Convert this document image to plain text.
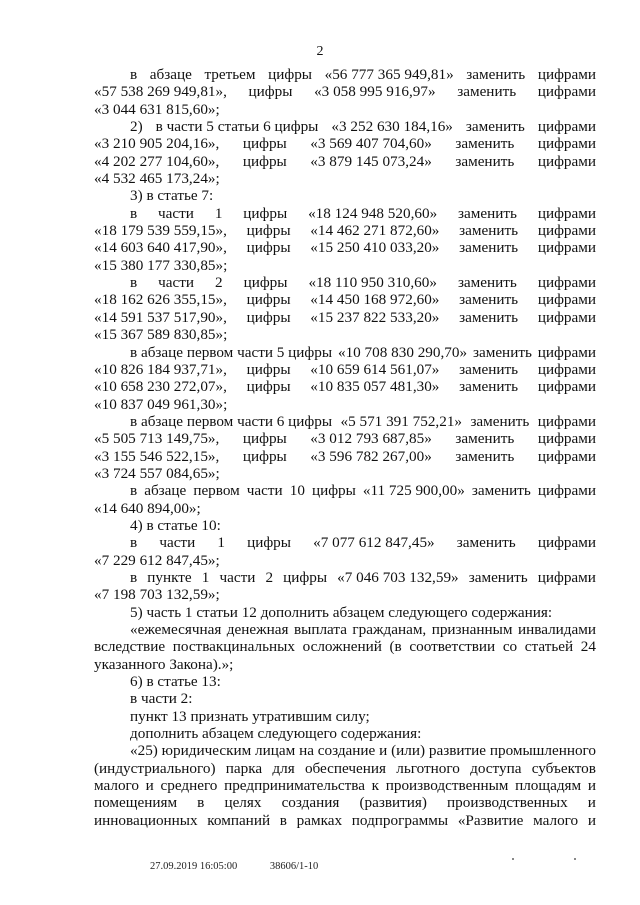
2
в абзаце третьем цифры «56 777 365 949,81» заменить цифрами
«57 538 269 949,81», цифры «3 058 995 916,97» заменить цифрами
«3 044 631 815,60»;
2) в части 5 статьи 6 цифры «3 252 630 184,16» заменить цифрами
«3 210 905 204,16», цифры «3 569 407 704,60» заменить цифрами
«4 202 277 104,60», цифры «3 879 145 073,24» заменить цифрами
«4 532 465 173,24»;
3) в статье 7:
в части 1 цифры «18 124 948 520,60» заменить цифрами
«18 179 539 559,15», цифры «14 462 271 872,60» заменить цифрами
«14 603 640 417,90», цифры «15 250 410 033,20» заменить цифрами
«15 380 177 330,85»;
в части 2 цифры «18 110 950 310,60» заменить цифрами
«18 162 626 355,15», цифры «14 450 168 972,60» заменить цифрами
«14 591 537 517,90», цифры «15 237 822 533,20» заменить цифрами
«15 367 589 830,85»;
в абзаце первом части 5 цифры «10 708 830 290,70» заменить цифрами
«10 826 184 937,71», цифры «10 659 614 561,07» заменить цифрами
«10 658 230 272,07», цифры «10 835 057 481,30» заменить цифрами
«10 837 049 961,30»;
в абзаце первом части 6 цифры «5 571 391 752,21» заменить цифрами
«5 505 713 149,75», цифры «3 012 793 687,85» заменить цифрами
«3 155 546 522,15», цифры «3 596 782 267,00» заменить цифрами
«3 724 557 084,65»;
в абзаце первом части 10 цифры «11 725 900,00» заменить цифрами
«14 640 894,00»;
4) в статье 10:
в части 1 цифры «7 077 612 847,45» заменить цифрами
«7 229 612 847,45»;
в пункте 1 части 2 цифры «7 046 703 132,59» заменить цифрами
«7 198 703 132,59»;
5) часть 1 статьи 12 дополнить абзацем следующего содержания:
«ежемесячная денежная выплата гражданам, признанным инвалидами
вследствие поствакцинальных осложнений (в соответствии со статьей 24
указанного Закона).»;
6) в статье 13:
в части 2:
пункт 13 признать утратившим силу;
дополнить абзацем следующего содержания:
«25) юридическим лицам на создание и (или) развитие промышленного
(индустриального) парка для обеспечения льготного доступа субъектов
малого и среднего предпринимательства к производственным площадям и
помещениям в целях создания (развития) производственных и
инновационных компаний в рамках подпрограммы «Развитие малого и
27.09.2019 16:05:00	38606/1-10
